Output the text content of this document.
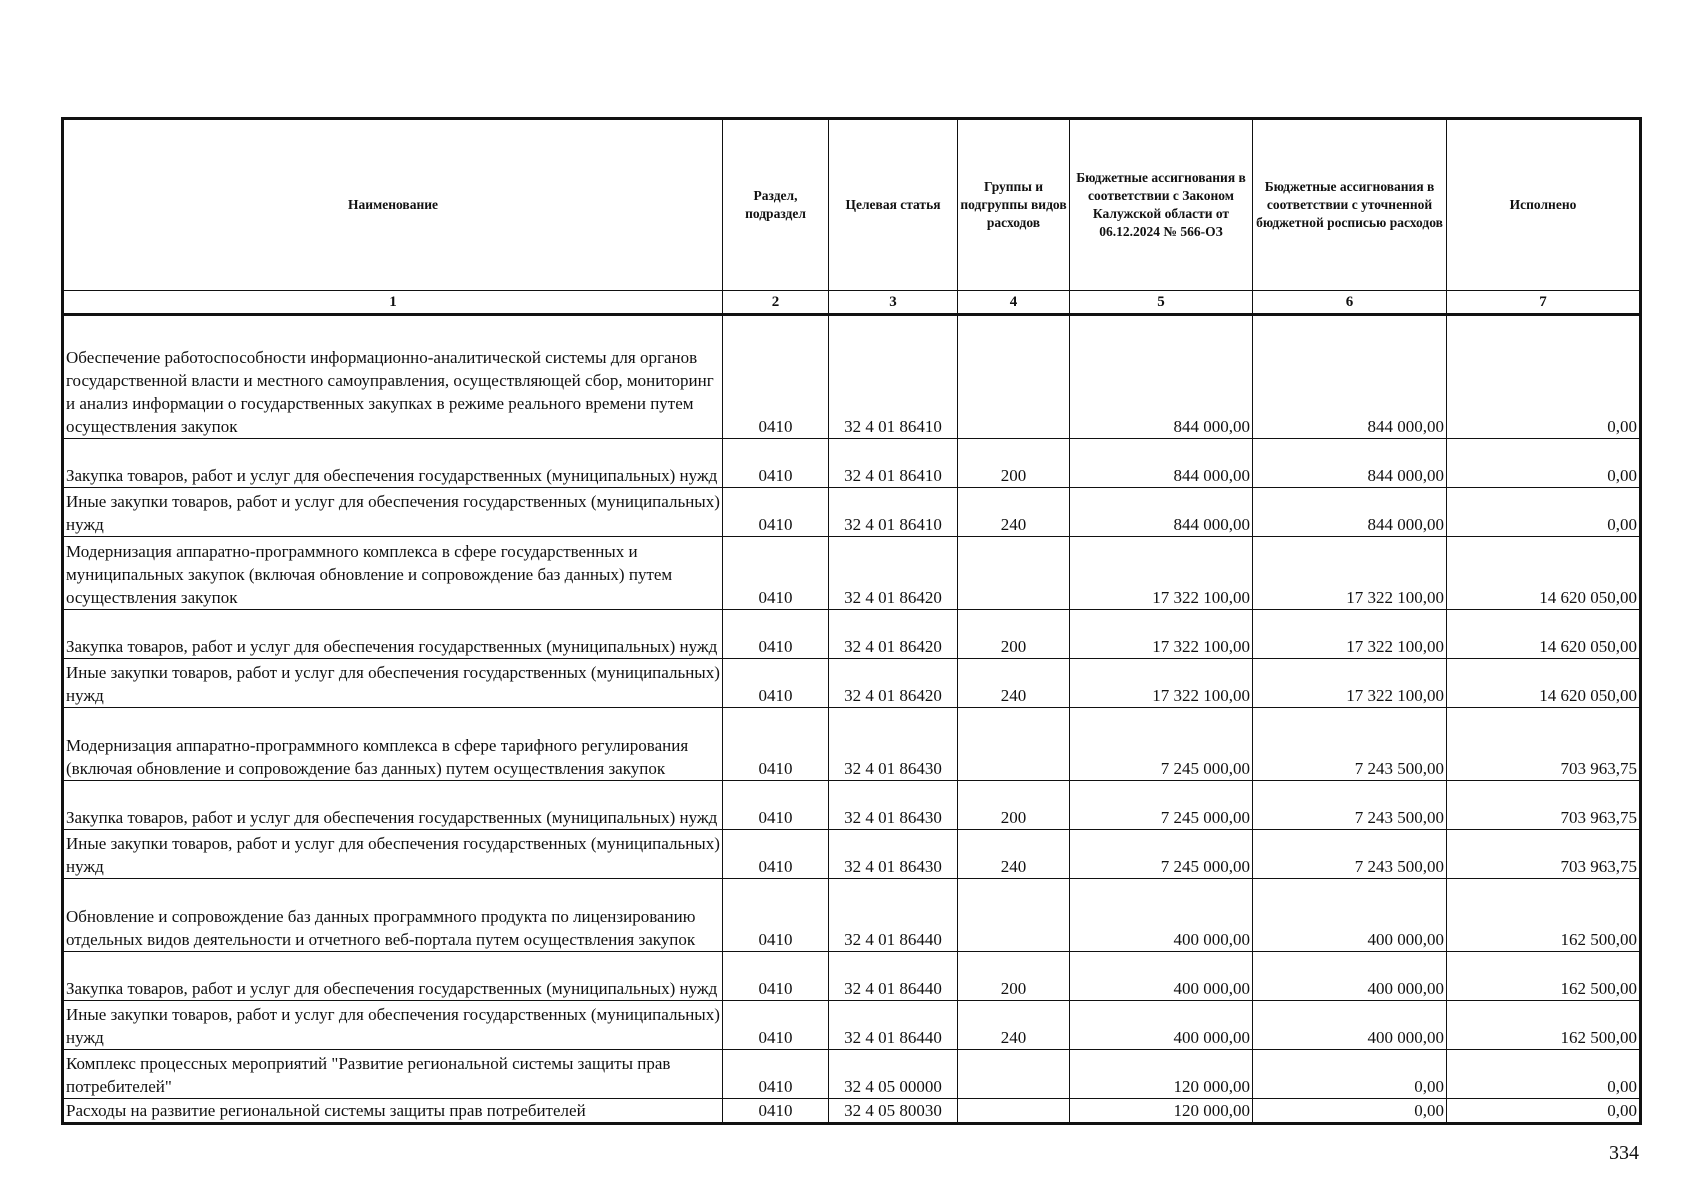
Наименование	Раздел, подраздел	Целевая статья	Группы и подгруппы видов расходов	Бюджетные ассигнования в соответствии с Законом Калужской области от 06.12.2024 № 566-ОЗ	Бюджетные ассигнования в соответствии с уточненной бюджетной росписью расходов	Исполнено
1	2	3	4	5	6	7
Обеспечение работоспособности информационно-аналитической системы для органов государственной власти и местного самоуправления, осуществляющей сбор, мониторинг и анализ информации о государственных закупках в режиме реального времени путем осуществления закупок	0410	32 4 01 86410		844 000,00	844 000,00	0,00
Закупка товаров, работ и услуг для обеспечения государственных (муниципальных) нужд	0410	32 4 01 86410	200	844 000,00	844 000,00	0,00
Иные закупки товаров, работ и услуг для обеспечения государственных (муниципальных) нужд	0410	32 4 01 86410	240	844 000,00	844 000,00	0,00
Модернизация аппаратно-программного комплекса в сфере государственных и муниципальных закупок (включая обновление и сопровождение баз данных) путем осуществления закупок	0410	32 4 01 86420		17 322 100,00	17 322 100,00	14 620 050,00
Закупка товаров, работ и услуг для обеспечения государственных (муниципальных) нужд	0410	32 4 01 86420	200	17 322 100,00	17 322 100,00	14 620 050,00
Иные закупки товаров, работ и услуг для обеспечения государственных (муниципальных) нужд	0410	32 4 01 86420	240	17 322 100,00	17 322 100,00	14 620 050,00
Модернизация аппаратно-программного комплекса в сфере тарифного регулирования (включая обновление и сопровождение баз данных) путем осуществления закупок	0410	32 4 01 86430		7 245 000,00	7 243 500,00	703 963,75
Закупка товаров, работ и услуг для обеспечения государственных (муниципальных) нужд	0410	32 4 01 86430	200	7 245 000,00	7 243 500,00	703 963,75
Иные закупки товаров, работ и услуг для обеспечения государственных (муниципальных) нужд	0410	32 4 01 86430	240	7 245 000,00	7 243 500,00	703 963,75
Обновление и сопровождение баз данных программного продукта по лицензированию отдельных видов деятельности и отчетного веб-портала путем осуществления закупок	0410	32 4 01 86440		400 000,00	400 000,00	162 500,00
Закупка товаров, работ и услуг для обеспечения государственных (муниципальных) нужд	0410	32 4 01 86440	200	400 000,00	400 000,00	162 500,00
Иные закупки товаров, работ и услуг для обеспечения государственных (муниципальных) нужд	0410	32 4 01 86440	240	400 000,00	400 000,00	162 500,00
Комплекс процессных мероприятий "Развитие региональной системы защиты прав потребителей"	0410	32 4 05 00000		120 000,00	0,00	0,00
Расходы на развитие региональной системы защиты прав потребителей	0410	32 4 05 80030		120 000,00	0,00	0,00
334
